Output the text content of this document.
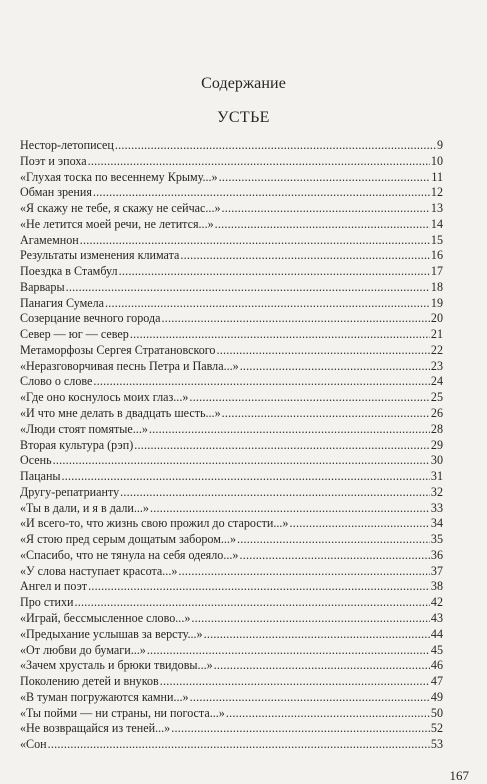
Содержание
УСТЬЕ
Нестор-летописец . . .	9
Поэт и эпоха . . .	10
«Глухая тоска по весеннему Крыму...» . . .	11
Обман зрения . . .	12
«Я скажу не тебе, я скажу не сейчас...» . . .	13
«Не летится моей речи, не летится...» . . .	14
Агамемнон . . .	15
Результаты изменения климата . . .	16
Поездка в Стамбул . . .	17
Варвары . . .	18
Панагия Сумела . . .	19
Созерцание вечного города . . .	20
Север — юг — север . . .	21
Метаморфозы Сергея Стратановского . . .	22
«Неразговорчивая песнь Петра и Павла...» . . .	23
Слово о слове . . .	24
«Где оно коснулось моих глаз...» . . .	25
«И что мне делать в двадцать шесть...» . . .	26
«Люди стоят помятые...» . . .	28
Вторая культура (рэп) . . .	29
Осень . . .	30
Пацаны . . .	31
Другу-репатрианту . . .	32
«Ты в дали, и я в дали...» . . .	33
«И всего-то, что жизнь свою прожил до старости...» . . .	34
«Я стою пред серым дощатым забором...» . . .	35
«Спасибо, что не тянула на себя одеяло...» . . .	36
«У слова наступает красота...» . . .	37
Ангел и поэт . . .	38
Про стихи . . .	42
«Играй, бессмысленное слово...» . . .	43
«Предыхание услышав за версту...» . . .	44
«От любви до бумаги...» . . .	45
«Зачем хрусталь и брюки твидовы...» . . .	46
Поколению детей и внуков . . .	47
«В туман погружаются камни...» . . .	49
«Ты пойми — ни страны, ни погоста...» . . .	50
«Не возвращайся из теней...» . . .	52
«Сон . . .	53
167
